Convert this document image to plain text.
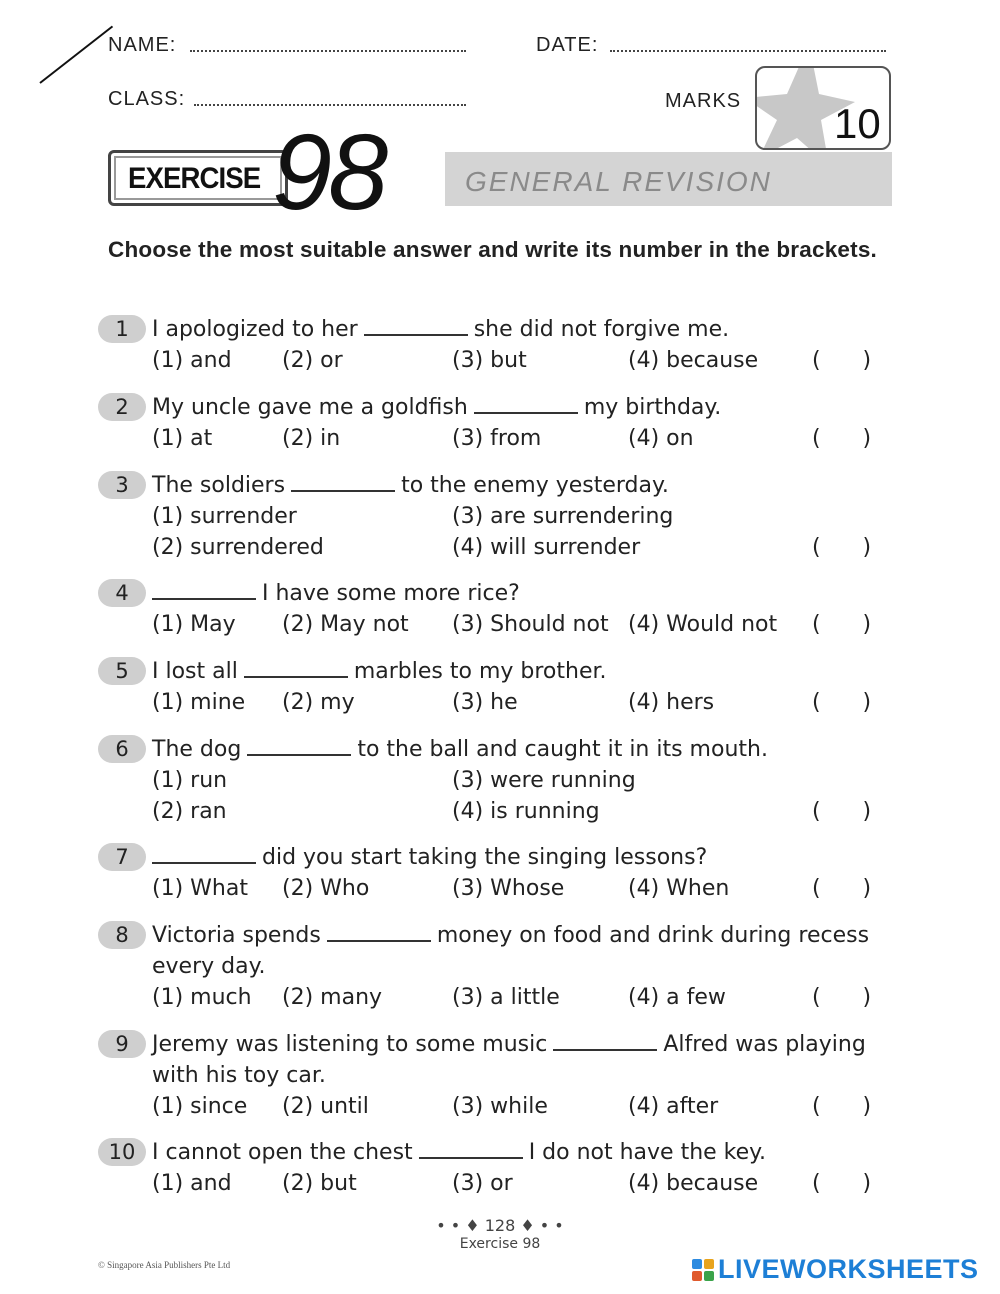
NAME:	DATE:
CLASS:	MARKS 10
EXERCISE 98	GENERAL REVISION
Choose the most suitable answer and write its number in the brackets.
1	I apologized to her	she did not forgive me.
(1) and (2) or	(3) but	(4) because (      )
2	My uncle gave me a goldfish	my birthday.
(1) at	(2) in	(3) from	(4) on	(      )
3	The soldiers	to the enemy yesterday.
(1) surrender
(2) surrendered
(3) are surrendering
(4) will surrender	(      )
4	I have some more rice?
(1) May (2) May not (3) Should not (4) Would not (      )
5	I lost all	marbles to my brother.
(1) mine (2) my	(3) he	(4) hers	(      )
6	The dog	to the ball and caught it in its mouth.
(1) run
(2) ran
(3) were running
(4) is running	(      )
7	did you start taking the singing lessons?
(1) What (2) Who	(3) Whose	(4) When	(      )
8	Victoria spends	money on food and drink during recess every day.
(1) much (2) many	(3) a little	(4) a few	(      )
9	Jeremy was listening to some music	Alfred was playing with his toy car.
(1) since (2) until	(3) while	(4) after	(      )
10 I cannot open the chest	I do not have the key.
(1) and (2) but	(3) or	(4) because (      )
• • ♦ 128 ♦ • •
Exercise 98
© Singapore Asia Publishers Pte Ltd	LIVEWORKSHEETS
